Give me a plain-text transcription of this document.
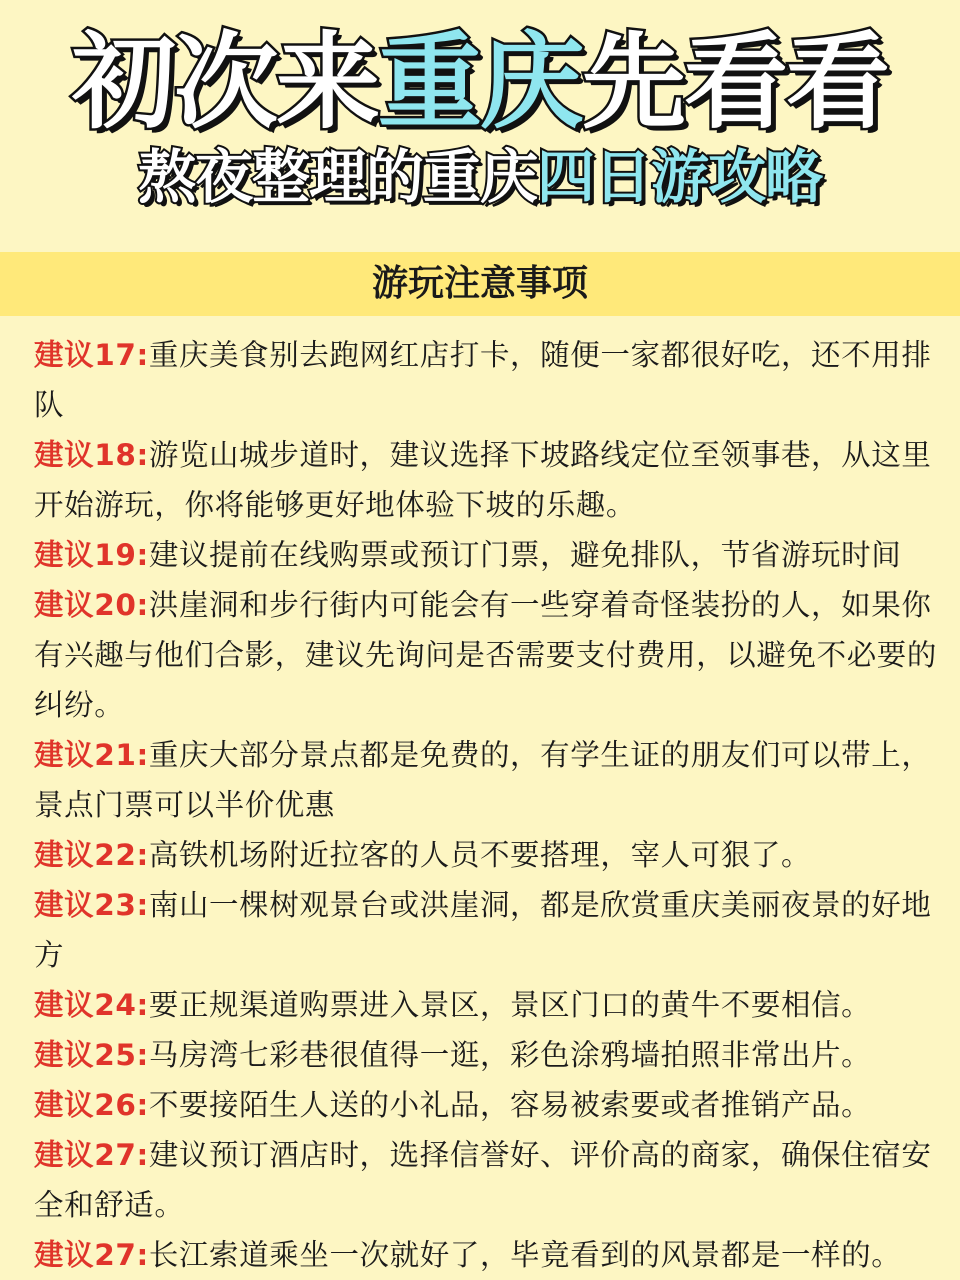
初次来重庆先看看
熬夜整理的重庆四日游攻略
游玩注意事项
建议17:重庆美食别去跑网红店打卡，随便一家都很好吃，还不用排队
建议18:游览山城步道时，建议选择下坡路线定位至领事巷，从这里开始游玩，你将能够更好地体验下坡的乐趣。
建议19:建议提前在线购票或预订门票，避免排队，节省游玩时间
建议20:洪崖洞和步行街内可能会有一些穿着奇怪装扮的人，如果你有兴趣与他们合影，建议先询问是否需要支付费用，以避免不必要的纠纷。
建议21:重庆大部分景点都是免费的，有学生证的朋友们可以带上，景点门票可以半价优惠
建议22:高铁机场附近拉客的人员不要搭理，宰人可狠了。
建议23:南山一棵树观景台或洪崖洞，都是欣赏重庆美丽夜景的好地方
建议24:要正规渠道购票进入景区，景区门口的黄牛不要相信。
建议25:马房湾七彩巷很值得一逛，彩色涂鸦墙拍照非常出片。
建议26:不要接陌生人送的小礼品，容易被索要或者推销产品。
建议27:建议预订酒店时，选择信誉好、评价高的商家，确保住宿安全和舒适。
建议27:长江索道乘坐一次就好了，毕竟看到的风景都是一样的。
